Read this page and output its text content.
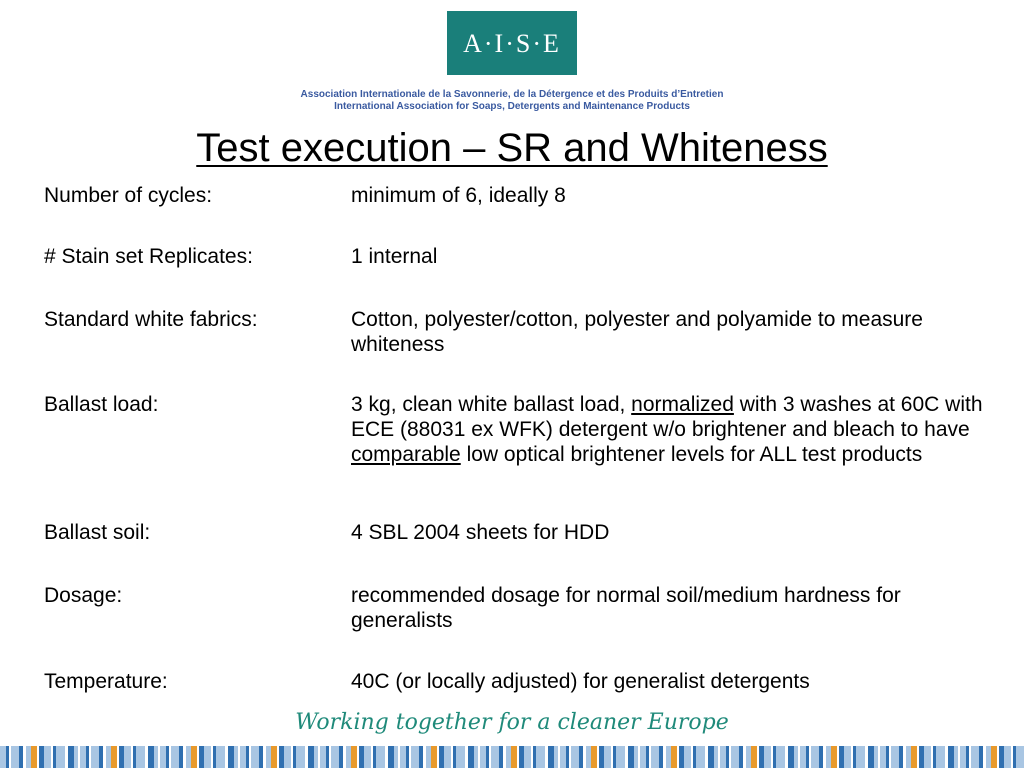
A·I·S·E
Association Internationale de la Savonnerie, de la Détergence et des Produits d’Entretien
International Association for Soaps, Detergents and Maintenance Products
Test execution – SR and Whiteness
Number of cycles:	minimum of 6, ideally 8
# Stain set Replicates:	1 internal
Standard white fabrics:	Cotton, polyester/cotton, polyester and polyamide to measure whiteness
Ballast load:	3 kg, clean white ballast load, normalized with 3 washes at 60C with ECE (88031 ex WFK) detergent w/o brightener and bleach to have comparable low optical brightener levels for ALL test products
Ballast soil:	4 SBL 2004 sheets for HDD
Dosage:	recommended dosage for normal soil/medium hardness for generalists
Temperature:	40C (or locally adjusted) for generalist detergents
Working together for a cleaner Europe
